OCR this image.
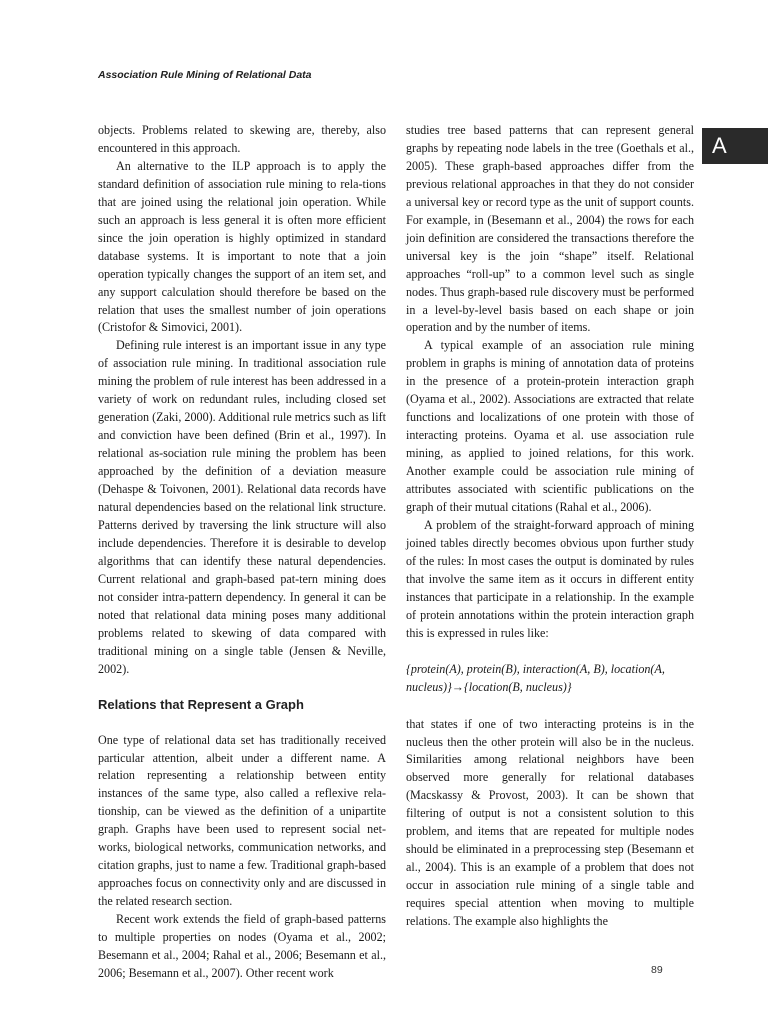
Association Rule Mining of Relational Data
A

objects. Problems related to skewing are, thereby, also encountered in this approach.

An alternative to the ILP approach is to apply the standard definition of association rule mining to rela-tions that are joined using the relational join operation. While such an approach is less general it is often more efficient since the join operation is highly optimized in standard database systems. It is important to note that a join operation typically changes the support of an item set, and any support calculation should therefore be based on the relation that uses the smallest number of join operations (Cristofor & Simovici, 2001).

Defining rule interest is an important issue in any type of association rule mining. In traditional association rule mining the problem of rule interest has been addressed in a variety of work on redundant rules, including closed set generation (Zaki, 2000). Additional rule metrics such as lift and conviction have been defined (Brin et al., 1997). In relational as-sociation rule mining the problem has been approached by the definition of a deviation measure (Dehaspe & Toivonen, 2001). Relational data records have natural dependencies based on the relational link structure. Patterns derived by traversing the link structure will also include dependencies. Therefore it is desirable to develop algorithms that can identify these natural dependencies. Current relational and graph-based pat-tern mining does not consider intra-pattern dependency. In general it can be noted that relational data mining poses many additional problems related to skewing of data compared with traditional mining on a single table (Jensen & Neville, 2002).

Relations that Represent a Graph

One type of relational data set has traditionally received particular attention, albeit under a different name. A relation representing a relationship between entity instances of the same type, also called a reflexive rela-tionship, can be viewed as the definition of a unipartite graph. Graphs have been used to represent social net-works, biological networks, communication networks, and citation graphs, just to name a few. Traditional graph-based approaches focus on connectivity only and are discussed in the related research section.

Recent work extends the field of graph-based patterns to multiple properties on nodes (Oyama et al., 2002; Besemann et al., 2004; Rahal et al., 2006; Besemann et al., 2006; Besemann et al., 2007). Other recent work

studies tree based patterns that can represent general graphs by repeating node labels in the tree (Goethals et al., 2005). These graph-based approaches differ from the previous relational approaches in that they do not consider a universal key or record type as the unit of support counts. For example, in (Besemann et al., 2004) the rows for each join definition are considered the transactions therefore the universal key is the join “shape” itself. Relational approaches “roll-up” to a common level such as single nodes. Thus graph-based rule discovery must be performed in a level-by-level basis based on each shape or join operation and by the number of items.

A typical example of an association rule mining problem in graphs is mining of annotation data of proteins in the presence of a protein-protein interaction graph (Oyama et al., 2002). Associations are extracted that relate functions and localizations of one protein with those of interacting proteins. Oyama et al. use association rule mining, as applied to joined relations, for this work. Another example could be association rule mining of attributes associated with scientific publications on the graph of their mutual citations (Rahal et al., 2006).

A problem of the straight-forward approach of mining joined tables directly becomes obvious upon further study of the rules: In most cases the output is dominated by rules that involve the same item as it occurs in different entity instances that participate in a relationship. In the example of protein annotations within the protein interaction graph this is expressed in rules like:

{protein(A), protein(B), interaction(A, B), location(A, nucleus)}→{location(B, nucleus)}

that states if one of two interacting proteins is in the nucleus then the other protein will also be in the nucleus. Similarities among relational neighbors have been observed more generally for relational databases (Macskassy & Provost, 2003). It can be shown that filtering of output is not a consistent solution to this problem, and items that are repeated for multiple nodes should be eliminated in a preprocessing step (Besemann et al., 2004). This is an example of a problem that does not occur in association rule mining of a single table and requires special attention when moving to multiple relations. The example also highlights the

89
